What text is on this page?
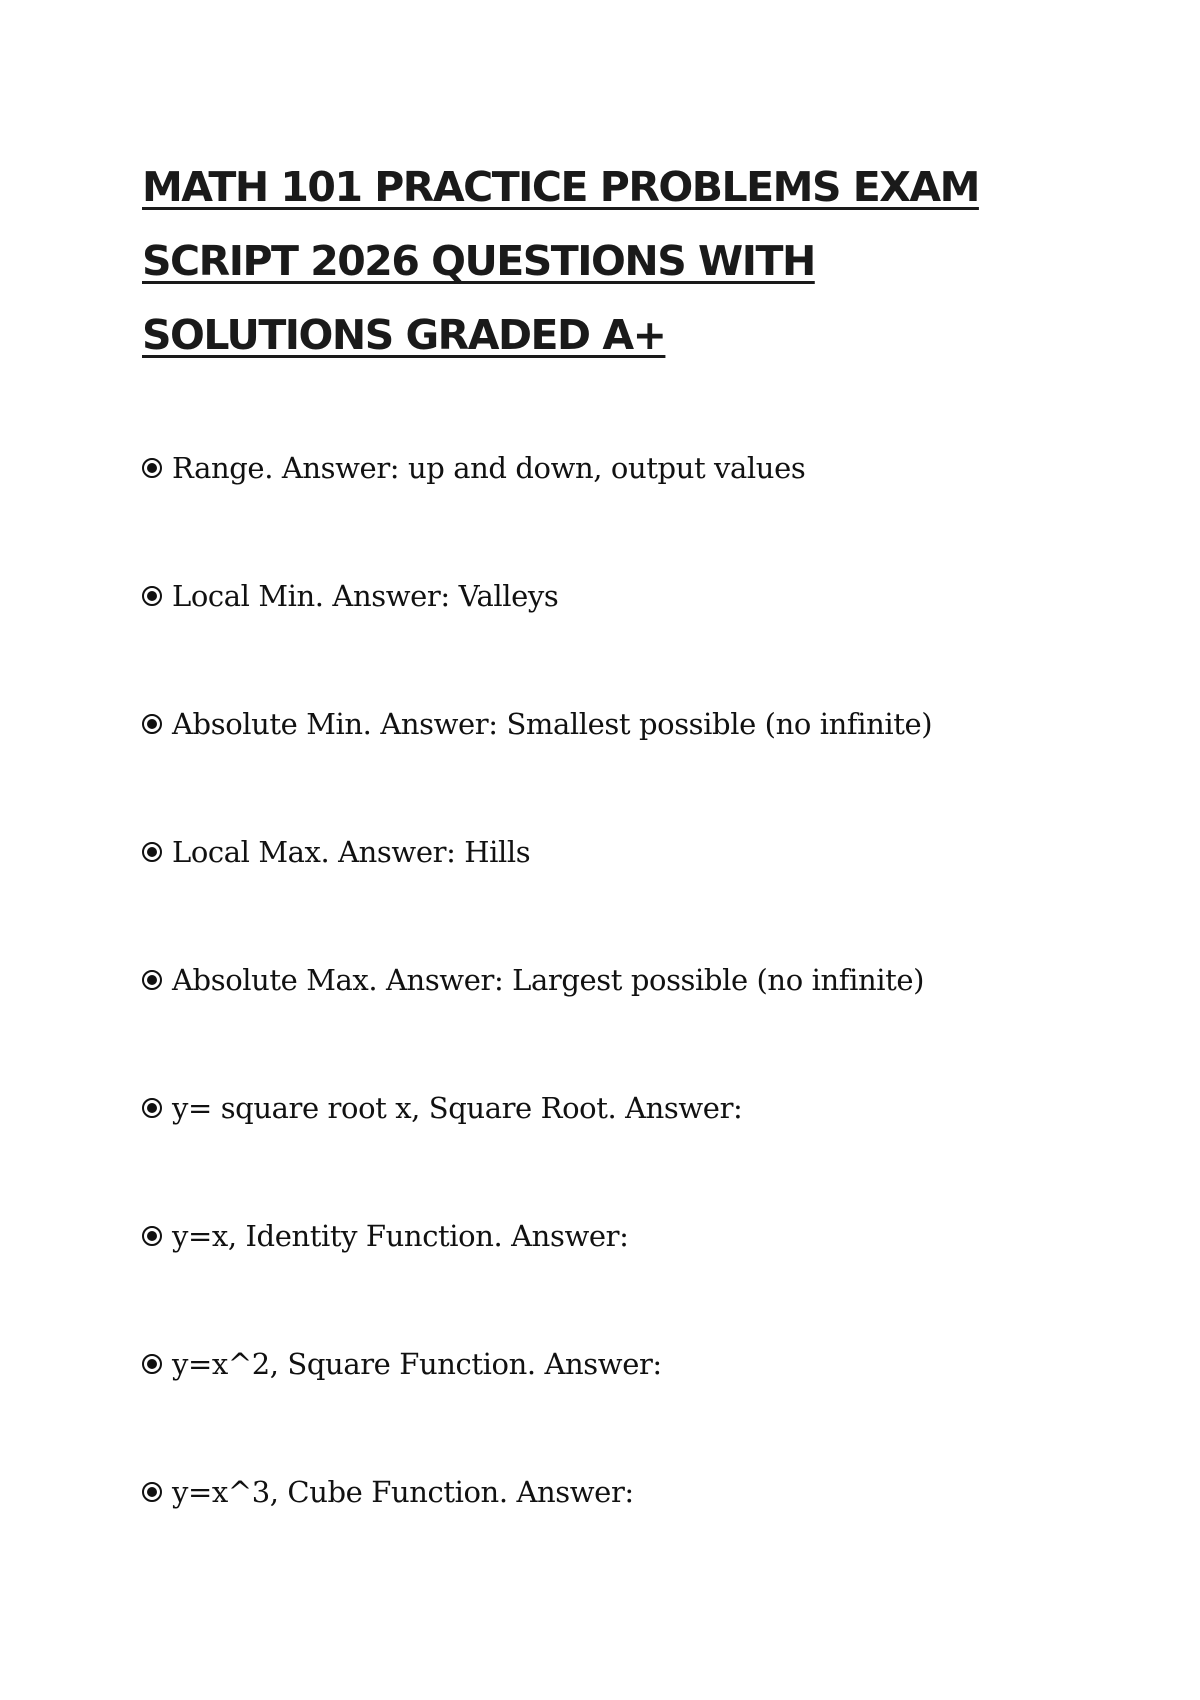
MATH 101 PRACTICE PROBLEMS EXAM SCRIPT 2026 QUESTIONS WITH SOLUTIONS GRADED A+
Range. Answer: up and down, output values
Local Min. Answer: Valleys
Absolute Min. Answer: Smallest possible (no infinite)
Local Max. Answer: Hills
Absolute Max. Answer: Largest possible (no infinite)
y= square root x, Square Root. Answer:
y=x, Identity Function. Answer:
y=x^2, Square Function. Answer:
y=x^3, Cube Function. Answer:
